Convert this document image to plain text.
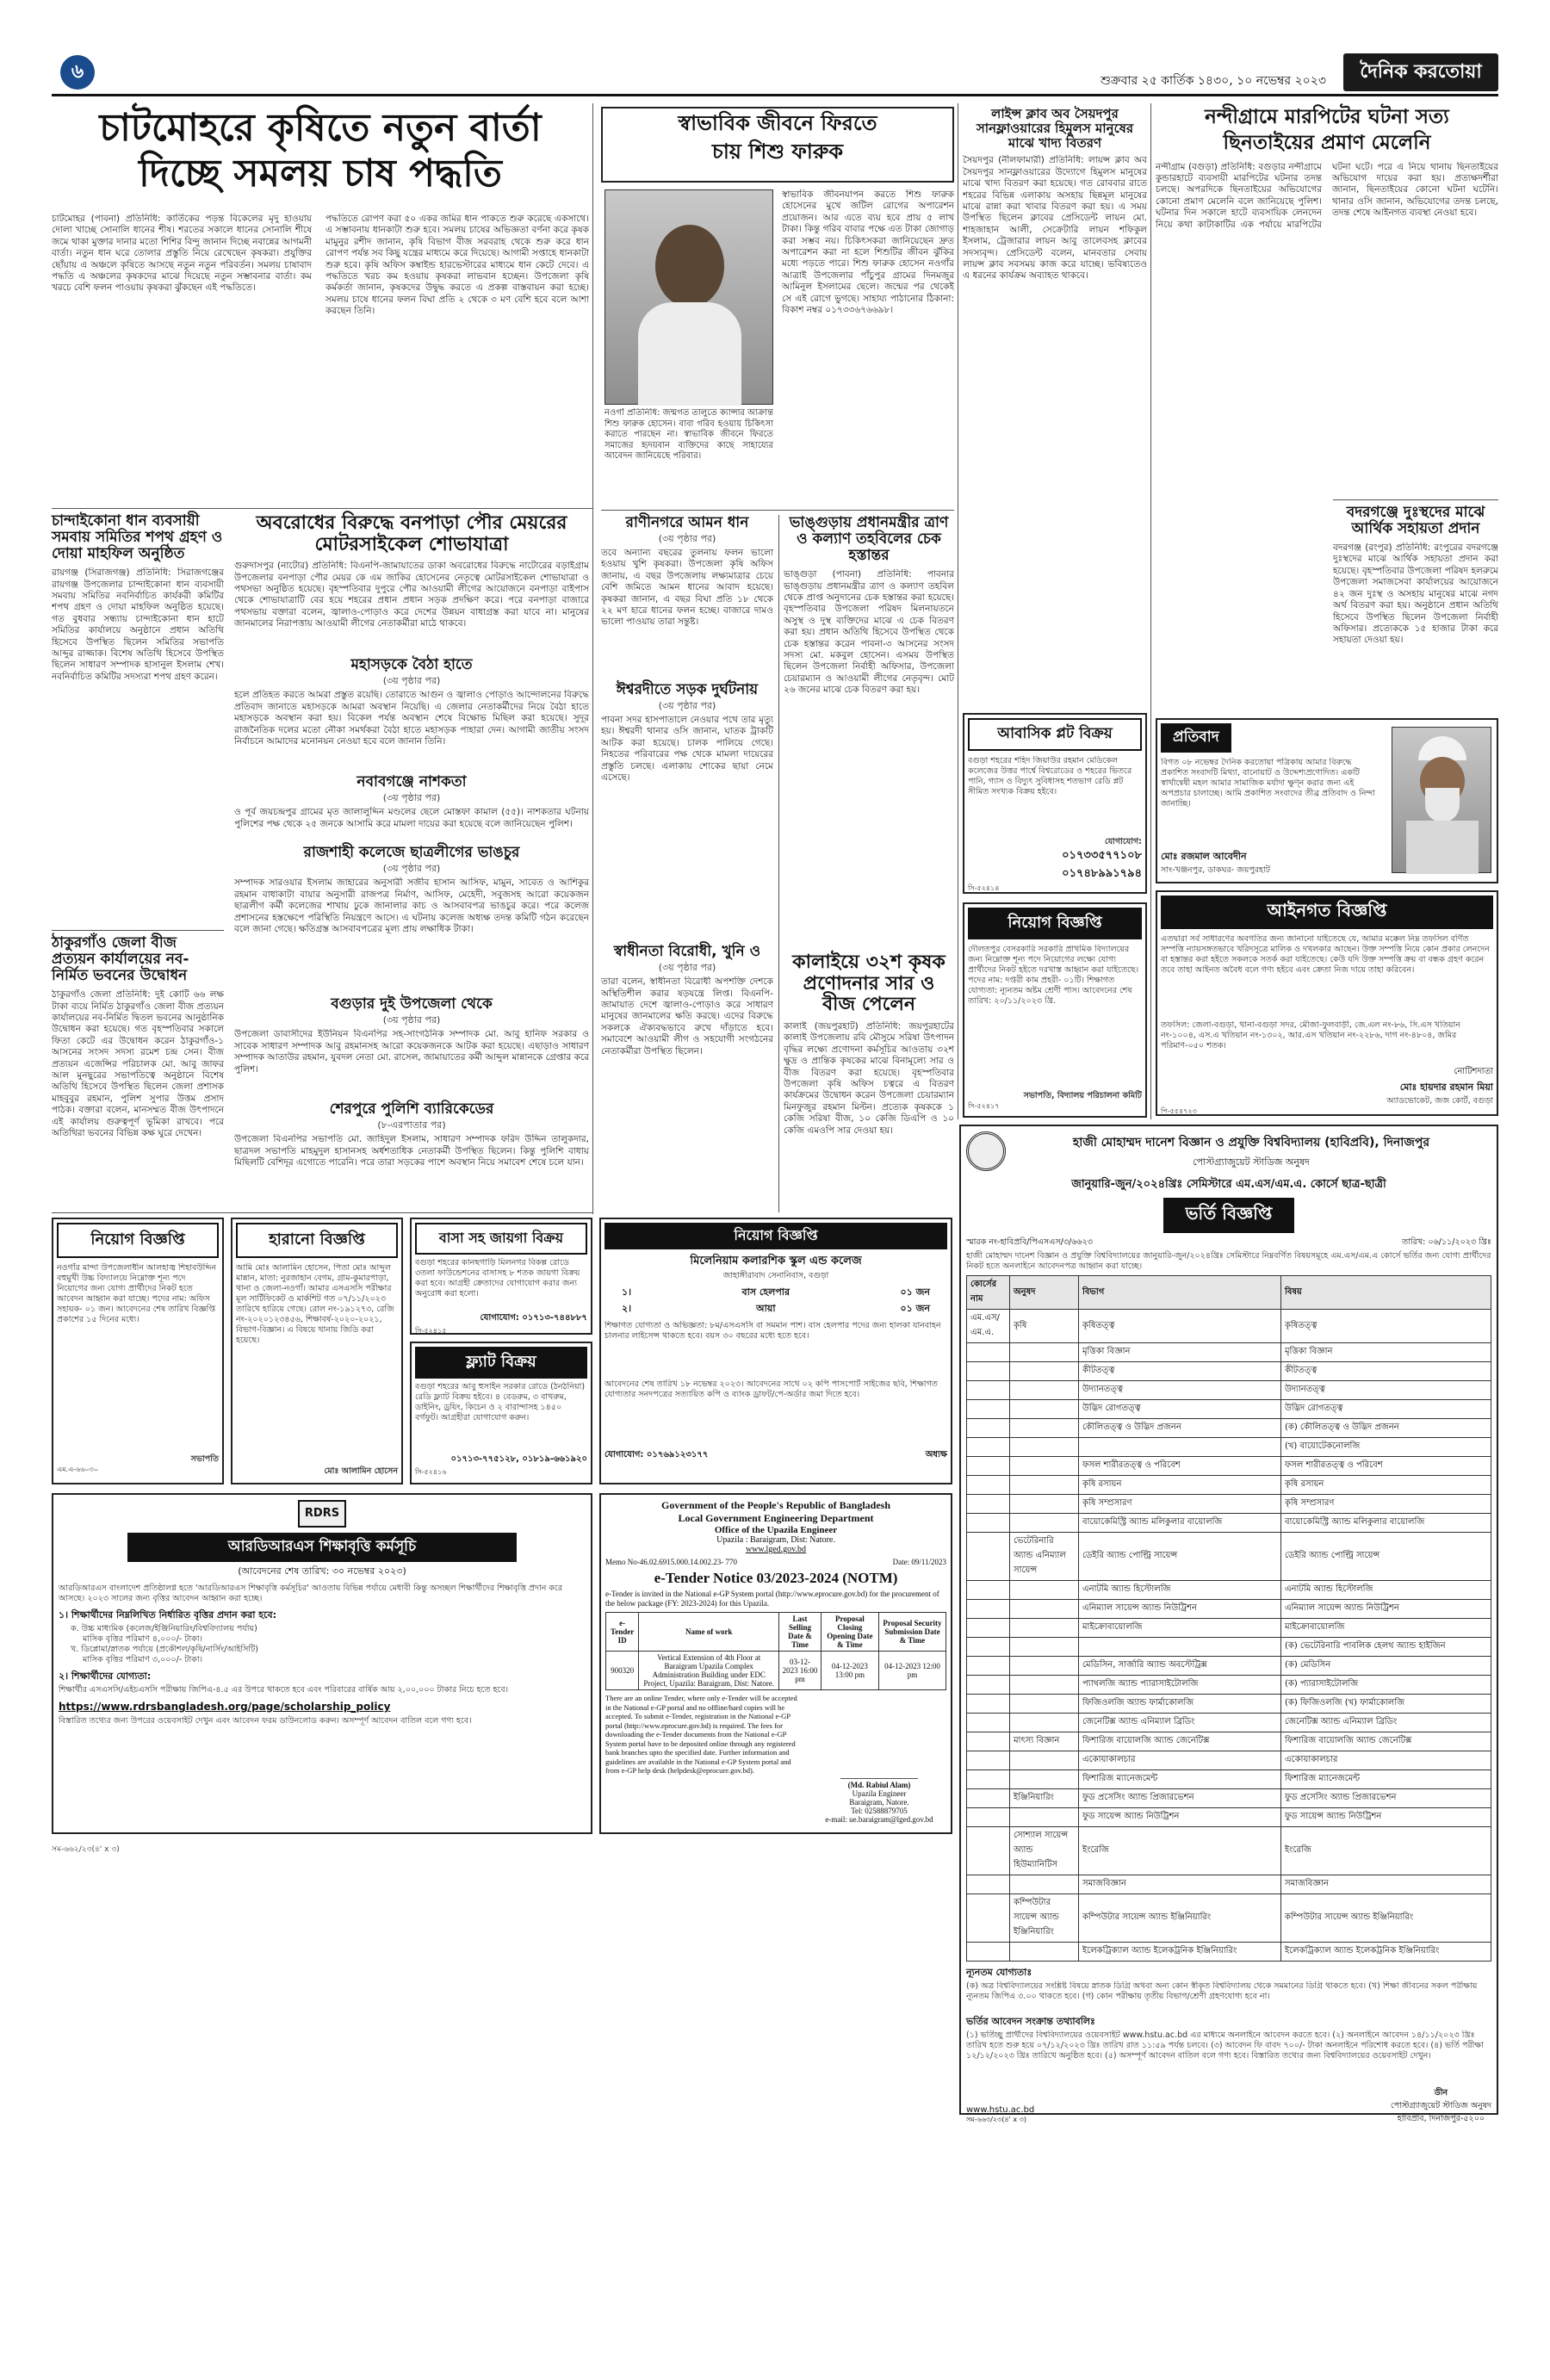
৬	শুক্রবার ২৫ কার্তিক ১৪৩০, ১০ নভেম্বর ২০২৩	দৈনিক করতোয়া
চাটমোহরে কৃষিতে নতুন বার্তা
দিচ্ছে সমলয় চাষ পদ্ধতি
চাটমোহর (পাবনা) প্রতিনিধি: কার্তিকের পড়ন্ত বিকেলের মৃদু হাওয়ায় দোলা খাচ্ছে সোনালি ধানের শীষ। শরতের সকালে ধানের সোনালি শীষে জমে থাকা মুক্তার দানার মতো শিশির বিন্দু জানান দিচ্ছে নবান্নের আগমনী বার্তা। নতুন ধান ঘরে তোলার প্রস্তুতি নিয়ে রেখেছেন কৃষকরা। প্রযুক্তির ছোঁয়ায় এ অঞ্চলে কৃষিতে আসছে নতুন নতুন পরিবর্তন। সমলয় চাষাবাদ পদ্ধতি এ অঞ্চলের কৃষকদের মাঝে দিয়েছে নতুন সম্ভাবনার বার্তা। কম খরচে বেশি ফলন পাওয়ায় কৃষকরা ঝুঁকছেন এই পদ্ধতিতে।
পদ্ধতিতে রোপণ করা ৫০ একর জমির ধান পাকতে শুরু করেছে একসাথে। এ সম্ভাবনায় ধানকাটা শুরু হবে। সমলয় চাষের অভিজ্ঞতা বর্ণনা করে কৃষক মামুনুর রশীদ জানান, কৃষি বিভাগ বীজ সরবরাহ থেকে শুরু করে ধান রোপণ পর্যন্ত সব কিছু যন্ত্রের মাধ্যমে করে দিয়েছে। আগামী সপ্তাহে ধানকাটা শুরু হবে। কৃষি অফিস কম্বাইন্ড হারভেস্টারের মাধ্যমে ধান কেটে দেবে। এ পদ্ধতিতে খরচ কম হওয়ায় কৃষকরা লাভবান হচ্ছেন। উপজেলা কৃষি কর্মকর্তা জানান, কৃষকদের উদ্বুদ্ধ করতে এ প্রকল্প বাস্তবায়ন করা হচ্ছে। সমলয় চাষে ধানের ফলন বিঘা প্রতি ২ থেকে ৩ মণ বেশি হবে বলে আশা করছেন তিনি।
চান্দাইকোনা ধান ব্যবসায়ী সমবায় সমিতির শপথ গ্রহণ ও দোয়া মাহফিল অনুষ্ঠিত
রায়গঞ্জ (সিরাজগঞ্জ) প্রতিনিধি: সিরাজগঞ্জের রায়গঞ্জ উপজেলার চান্দাইকোনা ধান ব্যবসায়ী সমবায় সমিতির নবনির্বাচিত কার্যকরী কমিটির শপথ গ্রহণ ও দোয়া মাহফিল অনুষ্ঠিত হয়েছে। গত বুধবার সন্ধ্যায় চান্দাইকোনা ধান হাটে সমিতির কার্যালয়ে অনুষ্ঠানে প্রধান অতিথি হিসেবে উপস্থিত ছিলেন সমিতির সভাপতি আব্দুর রাজ্জাক। বিশেষ অতিথি হিসেবে উপস্থিত ছিলেন সাধারণ সম্পাদক হাসানুল ইসলাম শেখ। নবনির্বাচিত কমিটির সদস্যরা শপথ গ্রহণ করেন।
ঠাকুরগাঁও জেলা বীজ প্রত্যয়ন কার্যালয়ের নব-নির্মিত ভবনের উদ্বোধন
ঠাকুরগাঁও জেলা প্রতিনিধি: দুই কোটি ৬৬ লক্ষ টাকা ব্যয়ে নির্মিত ঠাকুরগাঁও জেলা বীজ প্রত্যয়ন কার্যালয়ের নব-নির্মিত দ্বিতল ভবনের আনুষ্ঠানিক উদ্বোধন করা হয়েছে। গত বৃহস্পতিবার সকালে ফিতা কেটে এর উদ্বোধন করেন ঠাকুরগাঁও-১ আসনের সংসদ সদস্য রমেশ চন্দ্র সেন। বীজ প্রত্যয়ন এজেন্সির পরিচালক মো. আবু জাফর আল মুনছুরের সভাপতিত্বে অনুষ্ঠানে বিশেষ অতিথি হিসেবে উপস্থিত ছিলেন জেলা প্রশাসক মাহবুবুর রহমান, পুলিশ সুপার উত্তম প্রসাদ পাঠক। বক্তারা বলেন, মানসম্মত বীজ উৎপাদনে এই কার্যালয় গুরুত্বপূর্ণ ভূমিকা রাখবে। পরে অতিথিরা ভবনের বিভিন্ন কক্ষ ঘুরে দেখেন।
অবরোধের বিরুদ্ধে বনপাড়া পৌর মেয়রের মোটরসাইকেল শোভাযাত্রা
গুরুদাসপুর (নাটোর) প্রতিনিধি: বিএনপি-জামায়াতের ডাকা অবরোধের বিরুদ্ধে নাটোরের বড়াইগ্রাম উপজেলার বনপাড়া পৌর মেয়র কে এম জাকির হোসেনের নেতৃত্বে মোটরসাইকেল শোভাযাত্রা ও পথসভা অনুষ্ঠিত হয়েছে। বৃহস্পতিবার দুপুরে পৌর আওয়ামী লীগের আয়োজনে বনপাড়া বাইপাস থেকে শোভাযাত্রাটি বের হয়ে শহরের প্রধান প্রধান সড়ক প্রদক্ষিণ করে। পরে বনপাড়া বাজারে পথসভায় বক্তারা বলেন, জ্বালাও-পোড়াও করে দেশের উন্নয়ন বাধাগ্রস্ত করা যাবে না। মানুষের জানমালের নিরাপত্তায় আওয়ামী লীগের নেতাকর্মীরা মাঠে থাকবে।
মহাসড়কে বৈঠা হাতে
(৩য় পৃষ্ঠার পর)
হলে প্রতিহত করতে আমরা প্রস্তুত রয়েছি। তোরাতে আগুন ও জ্বালাও পোড়াও আন্দোলনের বিরুদ্ধে প্রতিবাদ জানাতে মহাসড়কে আমরা অবস্থান নিয়েছি। এ জেলার নেতাকর্মীদের নিয়ে বৈঠা হাতে মহাসড়কে অবস্থান করা হয়। বিকেল পর্যন্ত অবস্থান শেষে বিক্ষোভ মিছিল করা হয়েছে। সুদূর রাজনৈতিক দলের মতো নৌকা সমর্থকরা বৈঠা হাতে মহাসড়ক পাহারা দেন। আগামী জাতীয় সংসদ নির্বাচনে আমাদের মনোনয়ন নেওয়া হবে বলে জানান তিনি।
নবাবগঞ্জে নাশকতা
(৩য় পৃষ্ঠার পর)
ও পূর্ব জয়চন্দ্রপুর গ্রামের মৃত জালালুদ্দিন মণ্ডলের ছেলে মোস্তফা কামাল (৫৫)। নাশকতার ঘটনায় পুলিশের পক্ষ থেকে ২৫ জনকে আসামি করে মামলা দায়ের করা হয়েছে বলে জানিয়েছেন পুলিশ।
রাজশাহী কলেজে ছাত্রলীগের ভাঙচুর
(৩য় পৃষ্ঠার পর)
সম্পাদক সারওয়ার ইসলাম জাহারের অনুসারী সজীব হাসান আসিফ, মামুন, সাবেত ও আশিকুর রহমান বাধাকাটা বায়ার অনুসারী রাজপত্র নির্মাণ, আসিফ, মেহেদী, সবুজসহ আরো কয়েকজন ছাত্রলীগ কর্মী কলেজের শাখায় ঢুকে জানালার কাচ ও আসবাবপত্র ভাঙচুর করে। পরে কলেজ প্রশাসনের হস্তক্ষেপে পরিস্থিতি নিয়ন্ত্রণে আসে। এ ঘটনায় কলেজ অধ্যক্ষ তদন্ত কমিটি গঠন করেছেন বলে জানা গেছে। ক্ষতিগ্রস্ত আসবাবপত্রের মূল্য প্রায় লক্ষাধিক টাকা।
বগুড়ার দুই উপজেলা থেকে
(৩য় পৃষ্ঠার পর)
উপজেলা ডাবাসীদের ইউনিয়ন বিএনপির সহ-সাংগঠনিক সম্পাদক মো. আবু হানিফ সরকার ও সাবেক সাধারণ সম্পাদক আবু রহমানসহ আরো কয়েকজনকে আটক করা হয়েছে। এছাড়াও সাধারণ সম্পাদক আতাউর রহমান, যুবদল নেতা মো. রাসেল, জামায়াতের কর্মী আব্দুল মান্নানকে গ্রেপ্তার করে পুলিশ।
শেরপুরে পুলিশি ব্যারিকেডের
(৮-এরপাতার পর)
উপজেলা বিএনপির সভাপতি মো. জাহিদুল ইসলাম, সাধারণ সম্পাদক ফরিদ উদ্দিন তালুকদার, ছাত্রদল সভাপতি মাহমুদুল হাসানসহ অর্ধশতাধিক নেতাকর্মী উপস্থিত ছিলেন। কিন্তু পুলিশি বাধায় মিছিলটি বেশিদূর এগোতে পারেনি। পরে তারা সড়কের পাশে অবস্থান নিয়ে সমাবেশ শেষে চলে যান।
স্বাভাবিক জীবনে ফিরতে
চায় শিশু ফারুক
নওগাঁ প্রতিনিধি: জন্মগত তালুতে ক্যান্সার আক্রান্ত শিশু ফারুক হোসেন। বাবা গরিব হওয়ায় চিকিৎসা করাতে পারছেন না। স্বাভাবিক জীবনে ফিরতে সমাজের হৃদয়বান ব্যক্তিদের কাছে সাহায্যের আবেদন জানিয়েছে পরিবার।
স্বাভাবিক জীবনযাপন করতে শিশু ফারুক হোসেনের মুখে জটিল রোগের অপারেশন প্রয়োজন। আর এতে ব্যয় হবে প্রায় ৫ লাখ টাকা। কিন্তু গরিব বাবার পক্ষে এত টাকা জোগাড় করা সম্ভব নয়। চিকিৎসকরা জানিয়েছেন দ্রুত অপারেশন করা না হলে শিশুটির জীবন ঝুঁকির মধ্যে পড়তে পারে। শিশু ফারুক হোসেন নওগাঁর আত্রাই উপজেলার পাঁচুপুর গ্রামের দিনমজুর আমিনুল ইসলামের ছেলে। জন্মের পর থেকেই সে এই রোগে ভুগছে। সাহায্য পাঠানোর ঠিকানা: বিকাশ নম্বর ০১৭৩৩৬৭৬৬৯৮।
রাণীনগরে আমন ধান
(৩য় পৃষ্ঠার পর)
তবে অন্যান্য বছরের তুলনায় ফলন ভালো হওয়ায় খুশি কৃষকরা। উপজেলা কৃষি অফিস জানায়, এ বছর উপজেলায় লক্ষ্যমাত্রার চেয়ে বেশি জমিতে আমন ধানের আবাদ হয়েছে। কৃষকরা জানান, এ বছর বিঘা প্রতি ১৮ থেকে ২২ মণ হারে ধানের ফলন হচ্ছে। বাজারে দামও ভালো পাওয়ায় তারা সন্তুষ্ট।
ঈশ্বরদীতে সড়ক দুর্ঘটনায়
(৩য় পৃষ্ঠার পর)
পাবনা সদর হাসপাতালে নেওয়ার পথে তার মৃত্যু হয়। ঈশ্বরদী থানার ওসি জানান, ঘাতক ট্রাকটি আটক করা হয়েছে। চালক পালিয়ে গেছে। নিহতের পরিবারের পক্ষ থেকে মামলা দায়েরের প্রস্তুতি চলছে। এলাকায় শোকের ছায়া নেমে এসেছে।
স্বাধীনতা বিরোধী, খুনি ও
(৩য় পৃষ্ঠার পর)
তারা বলেন, স্বাধীনতা বিরোধী অপশক্তি দেশকে অস্থিতিশীল করার ষড়যন্ত্রে লিপ্ত। বিএনপি-জামায়াত দেশে জ্বালাও-পোড়াও করে সাধারণ মানুষের জানমালের ক্ষতি করছে। এদের বিরুদ্ধে সকলকে ঐক্যবদ্ধভাবে রুখে দাঁড়াতে হবে। সমাবেশে আওয়ামী লীগ ও সহযোগী সংগঠনের নেতাকর্মীরা উপস্থিত ছিলেন।
ভাঙ্গুড়ায় প্রধানমন্ত্রীর ত্রাণ ও কল্যাণ তহবিলের চেক হস্তান্তর
ভাঙ্গুড়া (পাবনা) প্রতিনিধি: পাবনার ভাঙ্গুড়ায় প্রধানমন্ত্রীর ত্রাণ ও কল্যাণ তহবিল থেকে প্রাপ্ত অনুদানের চেক হস্তান্তর করা হয়েছে। বৃহস্পতিবার উপজেলা পরিষদ মিলনায়তনে অসুস্থ ও দুস্থ ব্যক্তিদের মাঝে এ চেক বিতরণ করা হয়। প্রধান অতিথি হিসেবে উপস্থিত থেকে চেক হস্তান্তর করেন পাবনা-৩ আসনের সংসদ সদস্য মো. মকবুল হোসেন। এসময় উপস্থিত ছিলেন উপজেলা নির্বাহী অফিসার, উপজেলা চেয়ারম্যান ও আওয়ামী লীগের নেতৃবৃন্দ। মোট ২৬ জনের মাঝে চেক বিতরণ করা হয়।
কালাইয়ে ৩২শ কৃষক
প্রণোদনার সার ও
বীজ পেলেন
কালাই (জয়পুরহাট) প্রতিনিধি: জয়পুরহাটের কালাই উপজেলায় রবি মৌসুমে সরিষা উৎপাদন বৃদ্ধির লক্ষ্যে প্রণোদনা কর্মসূচির আওতায় ৩২শ ক্ষুদ্র ও প্রান্তিক কৃষকের মাঝে বিনামূল্যে সার ও বীজ বিতরণ করা হয়েছে। বৃহস্পতিবার উপজেলা কৃষি অফিস চত্বরে এ বিতরণ কার্যক্রমের উদ্বোধন করেন উপজেলা চেয়ারম্যান মিনফুজুর রহমান মিল্টন। প্রত্যেক কৃষককে ১ কেজি সরিষা বীজ, ১০ কেজি ডিএপি ও ১০ কেজি এমওপি সার দেওয়া হয়।
লাইন্স ক্লাব অব সৈয়দপুর সানফ্লাওয়ারের হিমুলস মানুষের মাঝে খাদ্য বিতরণ
সৈয়দপুর (নীলফামারী) প্রতিনিধি: লায়ন্স ক্লাব অব সৈয়দপুর সানফ্লাওয়ারের উদ্যোগে হিমুলস মানুষের মাঝে খাদ্য বিতরণ করা হয়েছে। গত রোববার রাতে শহরের বিভিন্ন এলাকায় অসহায় ছিন্নমূল মানুষের মাঝে রান্না করা খাবার বিতরণ করা হয়। এ সময় উপস্থিত ছিলেন ক্লাবের প্রেসিডেন্ট লায়ন মো. শাহজাহান আলী, সেক্রেটারি লায়ন শফিকুল ইসলাম, ট্রেজারার লায়ন আবু তালেবসহ ক্লাবের সদস্যবৃন্দ। প্রেসিডেন্ট বলেন, মানবতার সেবায় লায়ন্স ক্লাব সবসময় কাজ করে যাচ্ছে। ভবিষ্যতেও এ ধরনের কার্যক্রম অব্যাহত থাকবে।
আবাসিক প্লট বিক্রয়
বগুড়া শহরের শহিদ জিয়াউর রহমান মেডিকেল কলেজের উত্তর পার্শ্বে বিশ্বরোডের ও শহরের ভিতরে পানি, গ্যাস ও বিদ্যুৎ সুবিধাসহ শতভাগ রেডি প্লট সীমিত সংখ্যক বিক্রয় হইবে।
যোগাযোগ:
০১৭৩৩৫৭৭১০৮
০১৭৪৮৯৯১৭৯৪
সি-৫২৪১৪
নিয়োগ বিজ্ঞপ্তি
দৌলতপুর বেসরকারি সরকারি প্রাথমিক বিদ্যালয়ের জন্য নিম্নোক্ত শূন্য পদে নিয়োগের লক্ষ্যে যোগ্য প্রার্থীদের নিকট হইতে দরখাস্ত আহ্বান করা যাইতেছে। পদের নাম: দপ্তরী কাম প্রহরী- ০১টি। শিক্ষাগত যোগ্যতা: ন্যূনতম অষ্টম শ্রেণী পাস। আবেদনের শেষ তারিখ: ২০/১১/২০২৩ খ্রি.
সভাপতি, বিদ্যালয় পরিচালনা কমিটি
সি-৫২৪১৭
নন্দীগ্রামে মারপিটের ঘটনা সত্য
ছিনতাইয়ের প্রমাণ মেলেনি
নন্দীগ্রাম (বগুড়া) প্রতিনিধি: বগুড়ার নন্দীগ্রামে কুন্ডারহাটে ব্যবসায়ী মারপিটের ঘটনার তদন্ত চলছে। অপরদিকে ছিনতাইয়ের অভিযোগের কোনো প্রমাণ মেলেনি বলে জানিয়েছে পুলিশ। ঘটনার দিন সকালে হাটে ব্যবসায়িক লেনদেন নিয়ে কথা কাটাকাটির এক পর্যায়ে মারপিটের ঘটনা ঘটে। পরে এ নিয়ে থানায় ছিনতাইয়ের অভিযোগ দায়ের করা হয়। প্রত্যক্ষদর্শীরা জানান, ছিনতাইয়ের কোনো ঘটনা ঘটেনি। থানার ওসি জানান, অভিযোগের তদন্ত চলছে, তদন্ত শেষে আইনগত ব্যবস্থা নেওয়া হবে।
বদরগঞ্জে দুঃস্থদের মাঝে আর্থিক সহায়তা প্রদান
বদরগঞ্জ (রংপুর) প্রতিনিধি: রংপুরের বদরগঞ্জে দুঃস্থদের মাঝে আর্থিক সহায়তা প্রদান করা হয়েছে। বৃহস্পতিবার উপজেলা পরিষদ হলরুমে উপজেলা সমাজসেবা কার্যালয়ের আয়োজনে ৪২ জন দুঃস্থ ও অসহায় মানুষের মাঝে নগদ অর্থ বিতরণ করা হয়। অনুষ্ঠানে প্রধান অতিথি হিসেবে উপস্থিত ছিলেন উপজেলা নির্বাহী অফিসার। প্রত্যেককে ১৫ হাজার টাকা করে সহায়তা দেওয়া হয়।
প্রতিবাদ
বিগত ০৮ নভেম্বর দৈনিক করতোয়া পত্রিকায় আমার বিরুদ্ধে প্রকাশিত সংবাদটি মিথ্যা, বানোয়াট ও উদ্দেশ্যপ্রণোদিত। একটি স্বার্থান্বেষী মহল আমার সামাজিক মর্যাদা ক্ষুণ্ন করার জন্য এই অপপ্রচার চালাচ্ছে। আমি প্রকাশিত সংবাদের তীব্র প্রতিবাদ ও নিন্দা জানাচ্ছি।
মোঃ রজমাল আবেদীন
সাং-খঞ্জনপুর, ডাকঘর- জয়পুরহাট
আইনগত বিজ্ঞপ্তি
এতদ্বারা সর্ব সাধারণের অবগতির জন্য জানানো যাইতেছে যে, আমার মক্কেল নিম্ন তফসিল বর্ণিত সম্পত্তি ন্যায়সঙ্গতভাবে খরিদসূত্রে মালিক ও দখলকার আছেন। উক্ত সম্পত্তি নিয়ে কোন প্রকার লেনদেন বা হস্তান্তর করা হইতে সকলকে সতর্ক করা যাইতেছে। কেউ যদি উক্ত সম্পত্তি ক্রয় বা বন্ধক গ্রহণ করেন তবে তাহা আইনত অবৈধ বলে গণ্য হইবে এবং ক্রেতা নিজ দায়ে তাহা করিবেন।
তফসিল: জেলা-বগুড়া, থানা-বগুড়া সদর, মৌজা-ফুলবাড়ী, জে.এল নং-৮৬, সি.এস খতিয়ান নং-১০০৪, এস.এ খতিয়ান নং-১৩০২, আর.এস খতিয়ান নং-২২৮৬, দাগ নং-৪৮০৪, জমির পরিমাণ-০৫০ শতক।
নোটিশদাতা
মোঃ হায়দার রহমান মিয়া
অ্যাডভোকেট, জজ কোর্ট, বগুড়া
পি-৫৫৪৭২৩
নিয়োগ বিজ্ঞপ্তি
নওগাঁর মান্দা উপজেলাধীন আলহাজ্ব শিহাবউদ্দিন বহুমুখী উচ্চ বিদ্যালয়ে নিম্নোক্ত শূন্য পদে নিয়োগের জন্য যোগ্য প্রার্থীদের নিকট হতে আবেদন আহ্বান করা যাচ্ছে। পদের নাম: অফিস সহায়ক- ০১ জন। আবেদনের শেষ তারিখ বিজ্ঞপ্তি প্রকাশের ১৫ দিনের মধ্যে।
সভাপতি
এম.এ-৬৬০৩০
হারানো বিজ্ঞপ্তি
আমি মোঃ আলামিন হোসেন, পিতা মোঃ আব্দুল মান্নান, মাতা: নুরজাহান বেগম, গ্রাম-কুমারপাড়া, থানা ও জেলা-নওগাঁ। আমার এসএসসি পরীক্ষার মূল সার্টিফিকেট ও মার্কশিট গত ০৭/১১/২০২৩ তারিখে হারিয়ে গেছে। রোল নং-১৯১২৭৩, রেজি নং-২০২০১২৩৪৫৬, শিক্ষাবর্ষ-২০২০-২০২১, বিভাগ-বিজ্ঞান। এ বিষয়ে থানায় জিডি করা হয়েছে।
মোঃ আলামিন হোসেন
বাসা সহ জায়গা বিক্রয়
বগুড়া শহরের কানছগাড়ি মিলনগর বিকল্প রোডে ৩তলা ফাউন্ডেশনের বাসাসহ ৮ শতক জায়গা বিক্রয় করা হবে। আগ্রহী ক্রেতাদের যোগাযোগ করার জন্য অনুরোধ করা হলো।
যোগাযোগ: ০১৭১৩-৭৪৪৮৮৭
সি-৫২৪১৫
ফ্ল্যাট বিক্রয়
বগুড়া শহরের আবু হুসাইন সরকার রোডে (ঠনঠনিয়া) রেডি ফ্ল্যাট বিক্রয় হইবে। ৪ বেডরুম, ৩ বাথরুম, ডাইনিং, ড্রয়িং, কিচেন ও ২ বারান্দাসহ ১৪৫০ বর্গফুট। আগ্রহীরা যোগাযোগ করুন।
০১৭১৩-৭৭৫১২৮, ০১৮১৯-৬৬১৯২০
সি-৫২৪১৬
নিয়োগ বিজ্ঞপ্তি
মিলেনিয়াম কলারশিক স্কুল এন্ড কলেজ
জাহাঙ্গীরাবাদ সেনানিবাস, বগুড়া
১।	বাস হেলপার	০১ জন
২।	আয়া	০১ জন
শিক্ষাগত যোগ্যতা ও অভিজ্ঞতা: ৮ম/এসএসসি বা সমমান পাশ। বাস হেলপার পদের জন্য হালকা যানবাহন চালনার লাইসেন্স থাকতে হবে। বয়স ৩০ বছরের মধ্যে হতে হবে।
আবেদনের শেষ তারিখ ১৮ নভেম্বর ২০২৩। আবেদনের সাথে ০২ কপি পাসপোর্ট সাইজের ছবি, শিক্ষাগত যোগ্যতার সনদপত্রের সত্যায়িত কপি ও ব্যাংক ড্রাফট/পে-অর্ডার জমা দিতে হবে।
যোগাযোগ: ০১৭৬৯১২৩১৭৭	অধ্যক্ষ
RDRS
আরডিআরএস শিক্ষাবৃত্তি কর্মসূচি
(আবেদনের শেষ তারিখ: ৩০ নভেম্বর ২০২৩)
আরডিআরএস বাংলাদেশ প্রতিষ্ঠালগ্ন হতে 'আরডিআরএস শিক্ষাবৃত্তি কর্মসূচির' আওতায় বিভিন্ন পর্যায়ে মেধাবী কিন্তু অসচ্ছল শিক্ষার্থীদের শিক্ষাবৃত্তি প্রদান করে আসছে। ২০২৩ সালের জন্য বৃত্তির আবেদন আহ্বান করা হচ্ছে।
১। শিক্ষার্থীদের নিম্নলিখিত নির্ধারিত বৃত্তির প্রদান করা হবে:
ক. উচ্চ মাধ্যমিক (কলেজ/ইঞ্জিনিয়ারিং/বিশ্ববিদ্যালয় পর্যায়)
মাসিক বৃত্তির পরিমাণ ৪,০০০/- টাকা।
খ. ডিপ্লোমা/স্নাতক পর্যায়ে (প্রকৌশল/কৃষি/নার্সিং/আইসিটি)
মাসিক বৃত্তির পরিমাণ ৩,০০০/- টাকা।
২। শিক্ষার্থীদের যোগ্যতা:
শিক্ষার্থীর এসএসসি/এইচএসসি পরীক্ষায় জিপিএ-৪.৫ এর উপরে থাকতে হবে এবং পরিবারের বার্ষিক আয় ২,০০,০০০ টাকার নিচে হতে হবে।
https://www.rdrsbangladesh.org/page/scholarship_policy
বিস্তারিত তথ্যের জন্য উপরের ওয়েবসাইট দেখুন এবং আবেদন ফরম ডাউনলোড করুন। অসম্পূর্ণ আবেদন বাতিল বলে গণ্য হবে।
Government of the People's Republic of Bangladesh
Local Government Engineering Department
Office of the Upazila Engineer
Upazila : Baraigram, Dist: Natore.
www.lged.gov.bd
Memo No-46.02.6915.000.14.002.23- 770	Date: 09/11/2023
e-Tender Notice 03/2023-2024 (NOTM)
e-Tender is invited in the National e-GP System portal (http://www.eprocure.gov.bd) for the procurement of the below package (FY: 2023-2024) for this Upazila.
e-Tender ID	Name of work	Last Selling Date & Time	Proposal Closing Opening Date & Time	Proposal Security Submission Date & Time
900320	Vertical Extension of 4th Floor at Baraigram Upazila Complex Administration Building under EDC Project, Upazila: Baraigram, Dist: Natore.	03-12-2023 16:00 pm	04-12-2023 13:00 pm	04-12-2023 12:00 pm
There are an online Tender, where only e-Tender will be accepted in the National e-GP portal and no offline/hard copies will be accepted. To submit e-Tender, registration in the National e-GP portal (http://www.eprocure.gov.bd) is required. The fees for downloading the e-Tender documents from the National e-GP System portal have to be deposited online through any registered bank branches upto the specified date. Further information and guidelines are available in the National e-GP System portal and from e-GP help desk (helpdesk@eprocure.gov.bd).
(Md. Rabiul Alam)
Upazila Engineer
Baraigram, Natore.
Tel: 02588879705
e-mail: ue.baraigram@lged.gov.bd
হাজী মোহাম্মদ দানেশ বিজ্ঞান ও প্রযুক্তি বিশ্ববিদ্যালয় (হাবিপ্রবি), দিনাজপুর
পোস্টগ্র্যাজুয়েট স্টাডিজ অনুষদ
জানুয়ারি-জুন/২০২৪খ্রিঃ সেমিস্টারে এম.এস/এম.এ. কোর্সে ছাত্র-ছাত্রী
ভর্তি বিজ্ঞপ্তি
স্মারক নং-হাবিপ্রবি/পিএসএস/৩/৬৬২৩	তারিখ: ০৬/১১/২০২৩ খ্রিঃ
হাজী মোহাম্মদ দানেশ বিজ্ঞান ও প্রযুক্তি বিশ্ববিদ্যালয়ের জানুয়ারি-জুন/২০২৪খ্রিঃ সেমিস্টারে নিম্নবর্ণিত বিষয়সমূহে এম.এস/এম.এ কোর্সে ভর্তির জন্য যোগ্য প্রার্থীদের নিকট হতে অনলাইনে আবেদনপত্র আহ্বান করা যাচ্ছে।
কোর্সের নাম	অনুষদ	বিভাগ	বিষয়
এম.এস/ এম.এ.	কৃষি	কৃষিতত্ত্ব	কৃষিতত্ত্ব
		মৃত্তিকা বিজ্ঞান	মৃত্তিকা বিজ্ঞান
		কীটতত্ত্ব	কীটতত্ত্ব
		উদ্যানতত্ত্ব	উদ্যানতত্ত্ব
		উদ্ভিদ রোগতত্ত্ব	উদ্ভিদ রোগতত্ত্ব
		কৌলিতত্ত্ব ও উদ্ভিদ প্রজনন	(ক) কৌলিতত্ত্ব ও উদ্ভিদ প্রজনন
			(খ) বায়োটেকনোলজি
		ফসল শারীরতত্ত্ব ও পরিবেশ	ফসল শারীরতত্ত্ব ও পরিবেশ
		কৃষি রসায়ন	কৃষি রসায়ন
		কৃষি সম্প্রসারণ	কৃষি সম্প্রসারণ
		বায়োকেমিস্ট্রি অ্যান্ড মলিকুলার বায়োলজি	বায়োকেমিস্ট্রি অ্যান্ড মলিকুলার বায়োলজি
	ভেটেরিনারি অ্যান্ড এনিম্যাল সায়েন্স	ডেইরি অ্যান্ড পোল্ট্রি সায়েন্স	ডেইরি অ্যান্ড পোল্ট্রি সায়েন্স
		এনাটমি অ্যান্ড হিস্টোলজি	এনাটমি অ্যান্ড হিস্টোলজি
		এনিম্যাল সায়েন্স অ্যান্ড নিউট্রিশন	এনিম্যাল সায়েন্স অ্যান্ড নিউট্রিশন
		মাইক্রোবায়োলজি	মাইক্রোবায়োলজি
			(ক) ভেটেরিনারি পাবলিক হেলথ অ্যান্ড হাইজিন
		মেডিসিন, সার্জারি অ্যান্ড অবস্টেট্রিক্স	(ক) মেডিসিন
		প্যাথলজি অ্যান্ড প্যারাসাইটোলজি	(ক) প্যারাসাইটোলজি
		ফিজিওলজি অ্যান্ড ফার্মাকোলজি	(ক) ফিজিওলজি (খ) ফার্মাকোলজি
		জেনেটিক্স অ্যান্ড এনিম্যাল ব্রিডিং	জেনেটিক্স অ্যান্ড এনিম্যাল ব্রিডিং
	মাৎস্য বিজ্ঞান	ফিশারিজ বায়োলজি অ্যান্ড জেনেটিক্স	ফিশারিজ বায়োলজি অ্যান্ড জেনেটিক্স
		একোয়াকালচার	একোয়াকালচার
		ফিশারিজ ম্যানেজমেন্ট	ফিশারিজ ম্যানেজমেন্ট
	ইঞ্জিনিয়ারিং	ফুড প্রসেসিং অ্যান্ড প্রিজারভেশন	ফুড প্রসেসিং অ্যান্ড প্রিজারভেশন
		ফুড সায়েন্স অ্যান্ড নিউট্রিশন	ফুড সায়েন্স অ্যান্ড নিউট্রিশন
	সোশ্যাল সায়েন্স অ্যান্ড হিউম্যানিটিস	ইংরেজি	ইংরেজি
		সমাজবিজ্ঞান	সমাজবিজ্ঞান
	কম্পিউটার সায়েন্স অ্যান্ড ইঞ্জিনিয়ারিং	কম্পিউটার সায়েন্স অ্যান্ড ইঞ্জিনিয়ারিং	কম্পিউটার সায়েন্স অ্যান্ড ইঞ্জিনিয়ারিং
		ইলেকট্রিক্যাল অ্যান্ড ইলেকট্রনিক ইঞ্জিনিয়ারিং	ইলেকট্রিক্যাল অ্যান্ড ইলেকট্রনিক ইঞ্জিনিয়ারিং
ন্যূনতম যোগ্যতাঃ
(ক) অত্র বিশ্ববিদ্যালয়ের সংশ্লিষ্ট বিষয়ে স্নাতক ডিগ্রি অথবা অন্য কোন স্বীকৃত বিশ্ববিদ্যালয় থেকে সমমানের ডিগ্রি থাকতে হবে। (খ) শিক্ষা জীবনের সকল পরীক্ষায় ন্যূনতম জিপিএ ৩.০০ থাকতে হবে। (গ) কোন পরীক্ষায় তৃতীয় বিভাগ/শ্রেণী গ্রহণযোগ্য হবে না।
ভর্তির আবেদন সংক্রান্ত তথ্যাবলিঃ
(১) ভর্তিচ্ছু প্রার্থীদের বিশ্ববিদ্যালয়ের ওয়েবসাইট www.hstu.ac.bd এর মাধ্যমে অনলাইনে আবেদন করতে হবে। (২) অনলাইনে আবেদন ১৪/১১/২০২৩ খ্রিঃ তারিখ হতে শুরু হয়ে ০৭/১২/২০২৩ খ্রিঃ তারিখ রাত ১১:৫৯ পর্যন্ত চলবে। (৩) আবেদন ফি বাবদ ৭০০/- টাকা অনলাইনে পরিশোধ করতে হবে। (৪) ভর্তি পরীক্ষা ১২/১২/২০২৩ খ্রিঃ তারিখে অনুষ্ঠিত হবে। (৫) অসম্পূর্ণ আবেদন বাতিল বলে গণ্য হবে। বিস্তারিত তথ্যের জন্য বিশ্ববিদ্যালয়ের ওয়েবসাইট দেখুন।
www.hstu.ac.bd
সম-৬৬৩/২৩(৪' x ৩)
ডীন
পোস্টগ্র্যাজুয়েট স্টাডিজ অনুষদ
হাবিপ্রবি, দিনাজপুর-৫২০০
সম-৬৬২/২৩(৪' x ৩)
